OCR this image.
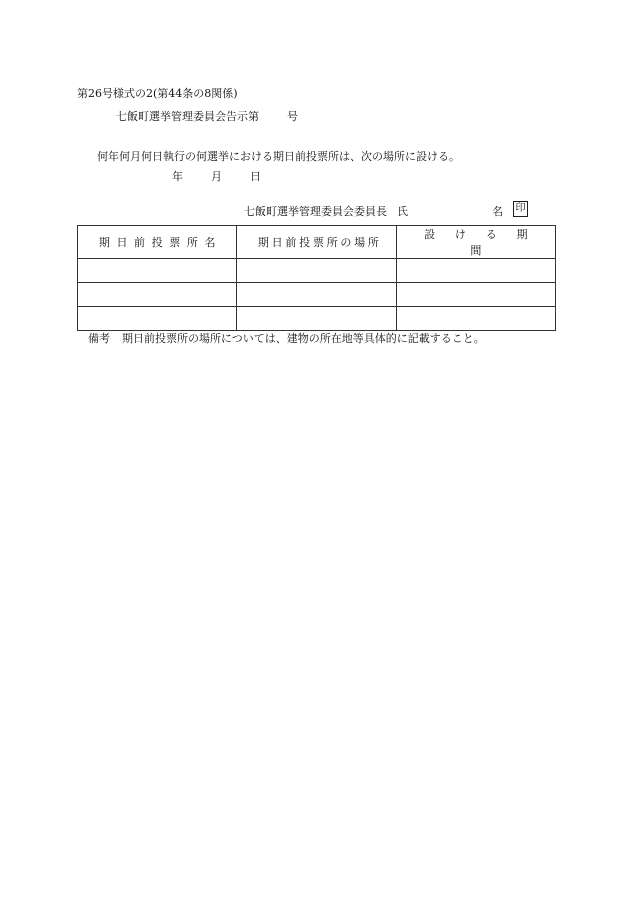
第26号様式の2(第44条の8関係)
七飯町選挙管理委員会告示第	号
何年何月何日執行の何選挙における期日前投票所は、次の場所に設ける。
年	月	日
七飯町選挙管理委員会委員長 氏	名 印
期日前投票所名	期日前投票所の場所	設ける期間

備考 期日前投票所の場所については、建物の所在地等具体的に記載すること。
